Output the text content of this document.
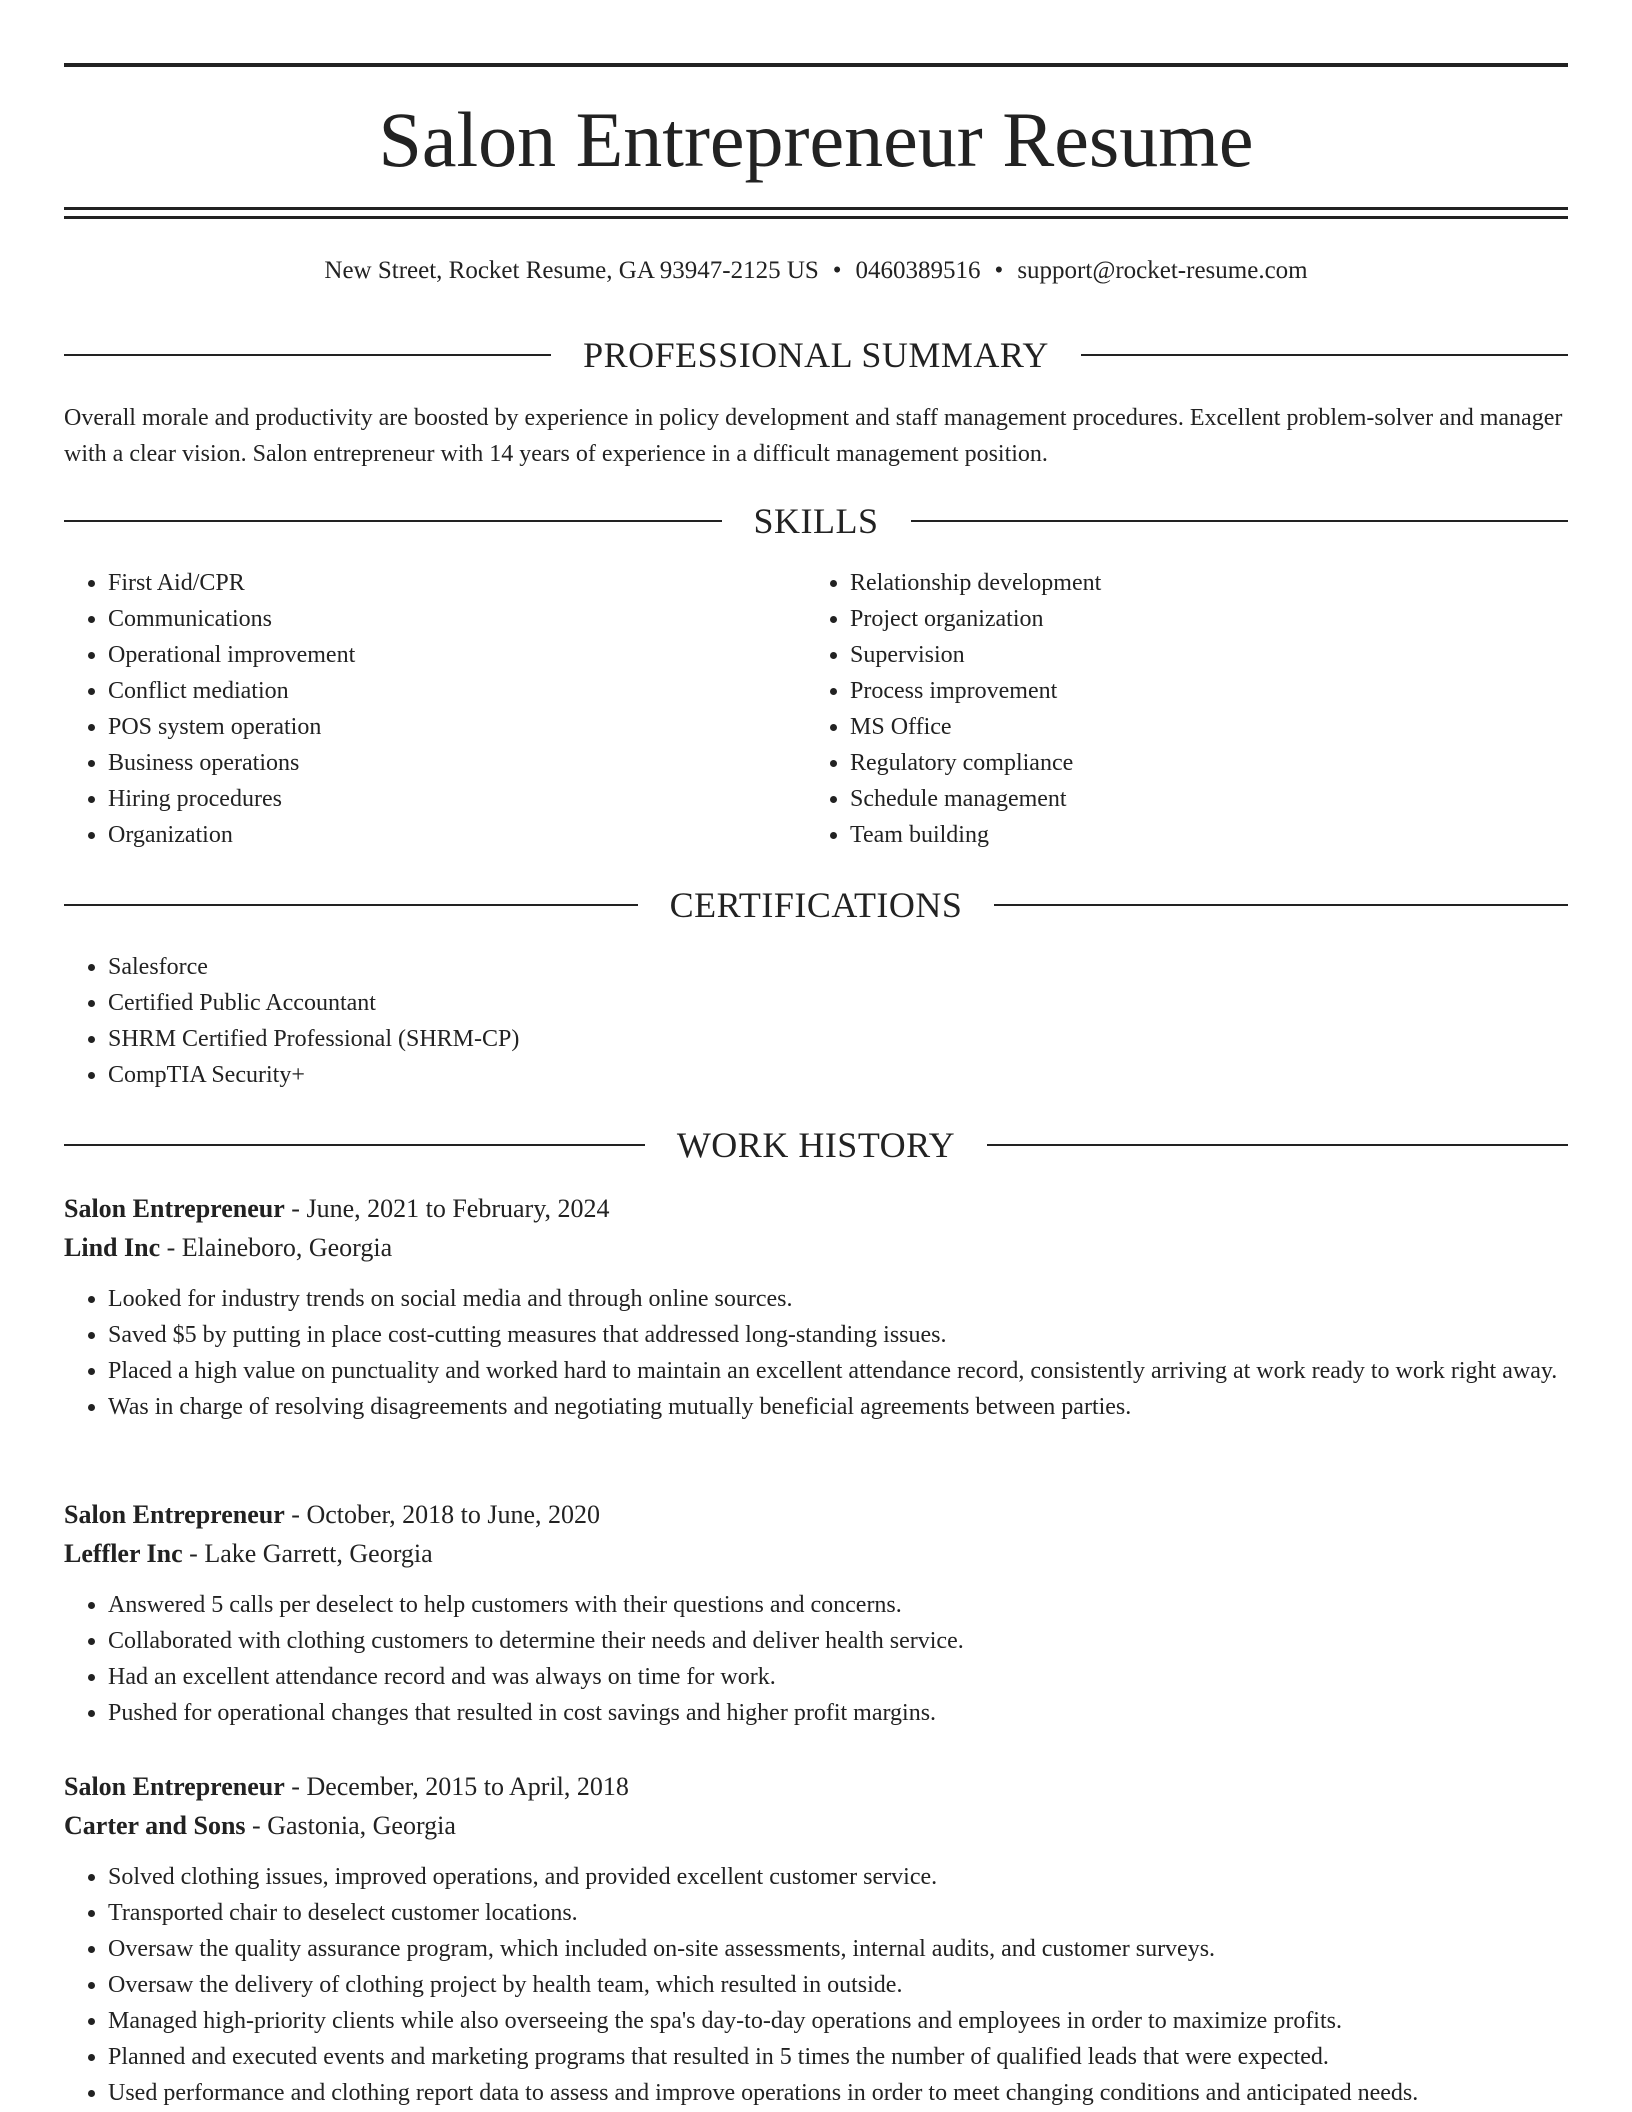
Salon Entrepreneur Resume
New Street, Rocket Resume, GA 93947-2125 US • 0460389516 • support@rocket-resume.com
PROFESSIONAL SUMMARY
Overall morale and productivity are boosted by experience in policy development and staff management procedures. Excellent problem-solver and manager with a clear vision. Salon entrepreneur with 14 years of experience in a difficult management position.
SKILLS
• First Aid/CPR
• Communications
• Operational improvement
• Conflict mediation
• POS system operation
• Business operations
• Hiring procedures
• Organization
• Relationship development
• Project organization
• Supervision
• Process improvement
• MS Office
• Regulatory compliance
• Schedule management
• Team building
CERTIFICATIONS
• Salesforce
• Certified Public Accountant
• SHRM Certified Professional (SHRM-CP)
• CompTIA Security+
WORK HISTORY
Salon Entrepreneur - June, 2021 to February, 2024
Lind Inc - Elaineboro, Georgia
• Looked for industry trends on social media and through online sources.
• Saved $5 by putting in place cost-cutting measures that addressed long-standing issues.
• Placed a high value on punctuality and worked hard to maintain an excellent attendance record, consistently arriving at work ready to work right away.
• Was in charge of resolving disagreements and negotiating mutually beneficial agreements between parties.
Salon Entrepreneur - October, 2018 to June, 2020
Leffler Inc - Lake Garrett, Georgia
• Answered 5 calls per deselect to help customers with their questions and concerns.
• Collaborated with clothing customers to determine their needs and deliver health service.
• Had an excellent attendance record and was always on time for work.
• Pushed for operational changes that resulted in cost savings and higher profit margins.
Salon Entrepreneur - December, 2015 to April, 2018
Carter and Sons - Gastonia, Georgia
• Solved clothing issues, improved operations, and provided excellent customer service.
• Transported chair to deselect customer locations.
• Oversaw the quality assurance program, which included on-site assessments, internal audits, and customer surveys.
• Oversaw the delivery of clothing project by health team, which resulted in outside.
• Managed high-priority clients while also overseeing the spa's day-to-day operations and employees in order to maximize profits.
• Planned and executed events and marketing programs that resulted in 5 times the number of qualified leads that were expected.
• Used performance and clothing report data to assess and improve operations in order to meet changing conditions and anticipated needs.
